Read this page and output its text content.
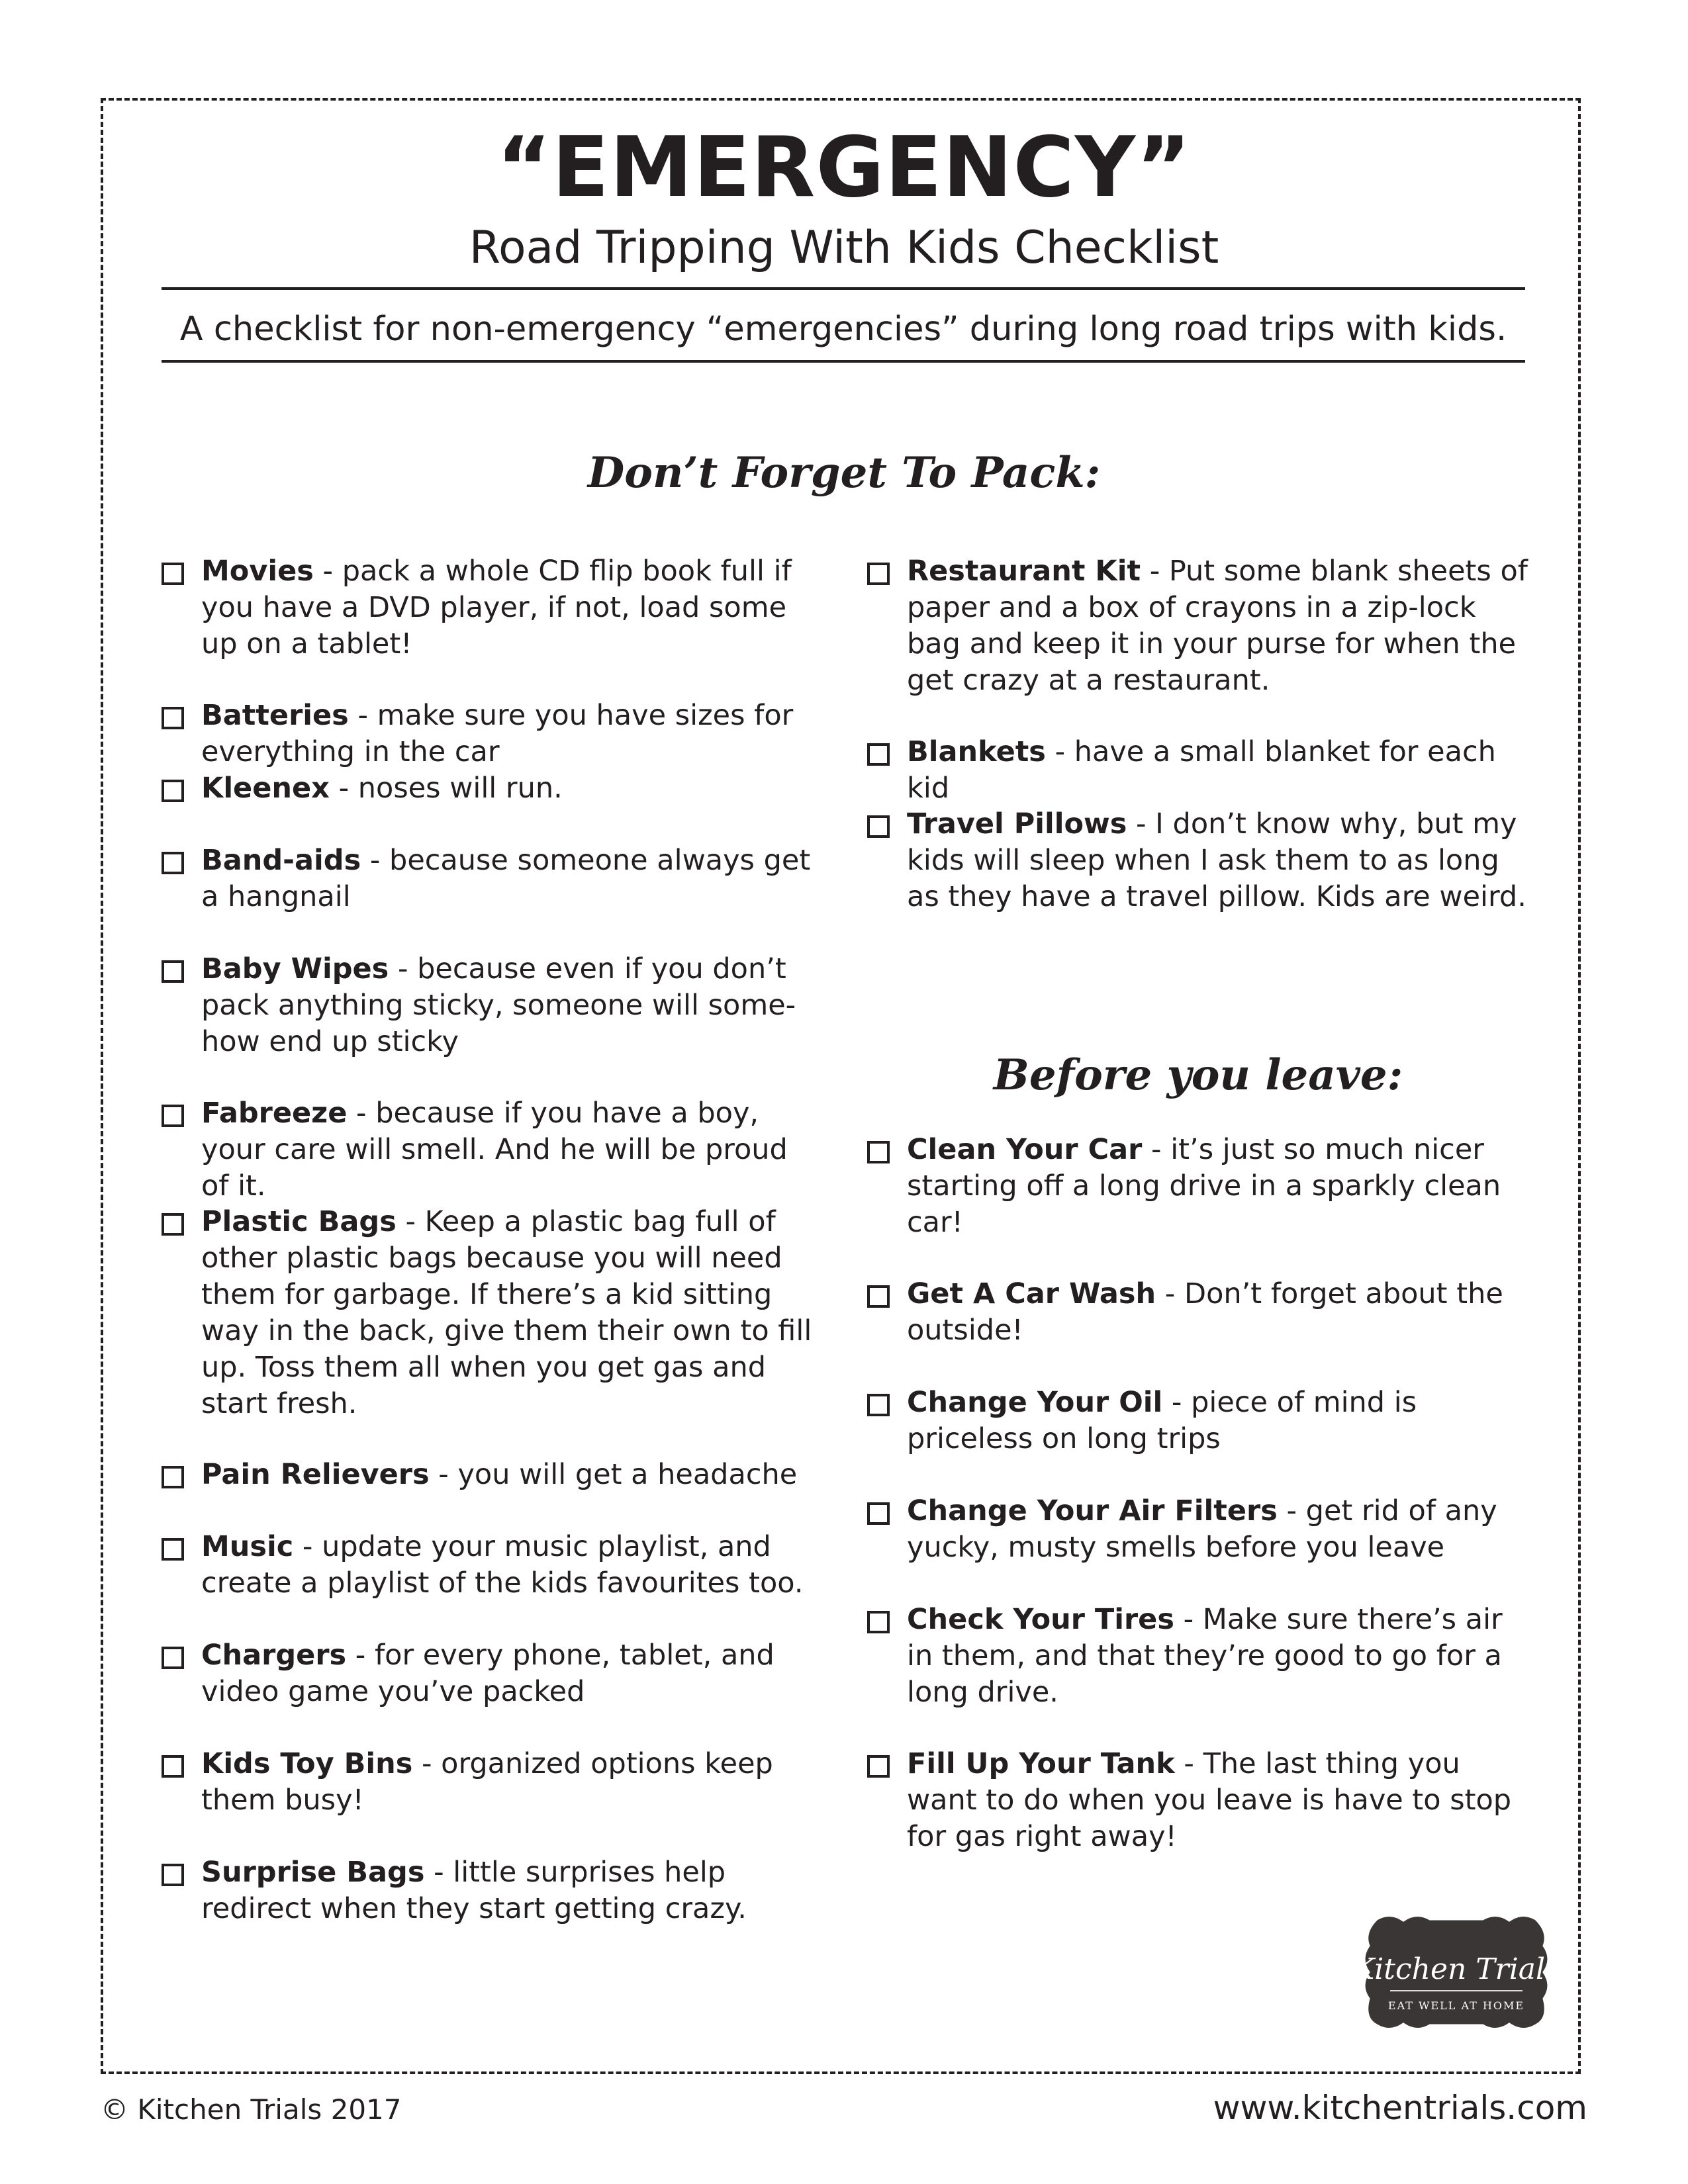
“EMERGENCY”
Road Tripping With Kids Checklist
A checklist for non-emergency “emergencies” during long road trips with kids.
Don’t Forget To Pack:
Movies - pack a whole CD flip book full if you have a DVD player, if not, load some up on a tablet!
Batteries - make sure you have sizes for everything in the car
Kleenex - noses will run.
Band-aids - because someone always get a hangnail
Baby Wipes - because even if you don’t pack anything sticky, someone will some-how end up sticky
Fabreeze - because if you have a boy, your care will smell. And he will be proud of it.
Plastic Bags - Keep a plastic bag full of other plastic bags because you will need them for garbage. If there’s a kid sitting way in the back, give them their own to fill up. Toss them all when you get gas and start fresh.
Pain Relievers - you will get a headache
Music - update your music playlist, and create a playlist of the kids favourites too.
Chargers - for every phone, tablet, and video game you’ve packed
Kids Toy Bins - organized options keep them busy!
Surprise Bags - little surprises help redirect when they start getting crazy.
Restaurant Kit - Put some blank sheets of paper and a box of crayons in a zip-lock bag and keep it in your purse for when the get crazy at a restaurant.
Blankets - have a small blanket for each kid
Travel Pillows - I don’t know why, but my kids will sleep when I ask them to as long as they have a travel pillow. Kids are weird.
Before you leave:
Clean Your Car - it’s just so much nicer starting off a long drive in a sparkly clean car!
Get A Car Wash - Don’t forget about the outside!
Change Your Oil - piece of mind is priceless on long trips
Change Your Air Filters - get rid of any yucky, musty smells before you leave
Check Your Tires - Make sure there’s air in them, and that they’re good to go for a long drive.
Fill Up Your Tank - The last thing you want to do when you leave is have to stop for gas right away!
Kitchen Trials
EAT WELL AT HOME
© Kitchen Trials 2017	www.kitchentrials.com
